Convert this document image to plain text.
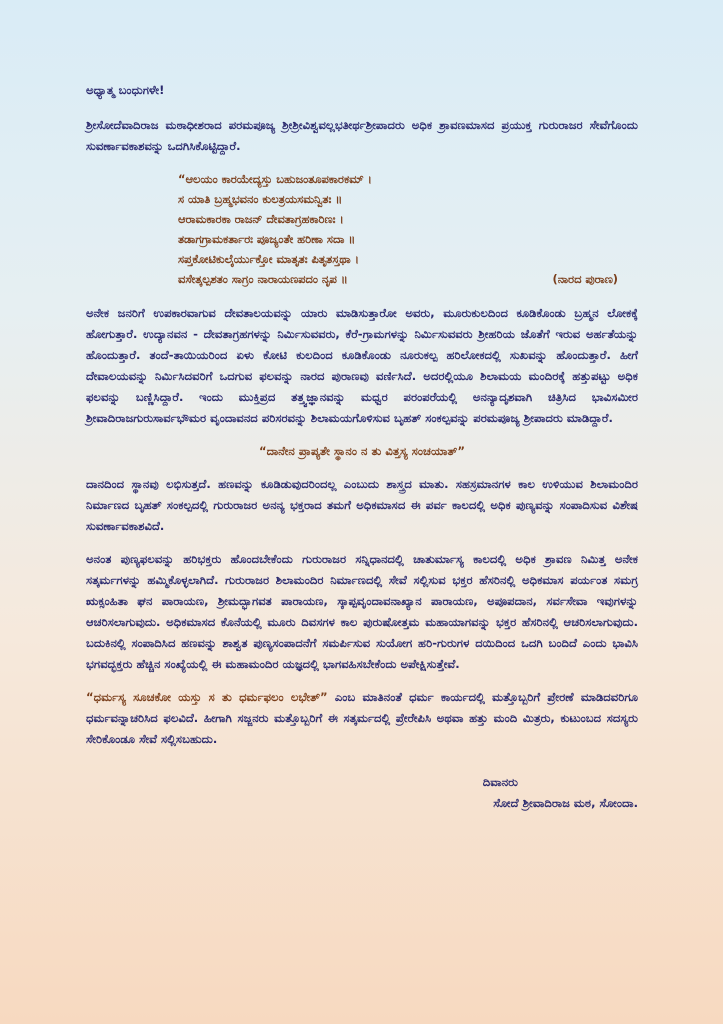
ಅಧ್ಯಾತ್ಮ ಬಂಧುಗಳೇ!

ಶ್ರೀಸೋದೆವಾದಿರಾಜ ಮಠಾಧೀಶರಾದ ಪರಮಪೂಜ್ಯ ಶ್ರೀಶ್ರೀವಿಶ್ವವಲ್ಲಭತೀರ್ಥಶ್ರೀಪಾದರು ಅಧಿಕ ಶ್ರಾವಣಮಾಸದ ಪ್ರಯುಕ್ತ ಗುರುರಾಜರ ಸೇವೆಗೊಂದು ಸುವರ್ಣಾವಕಾಶವನ್ನು ಒದಗಿಸಿಕೊಟ್ಟಿದ್ದಾರೆ.

“ಆಲಯಂ ಕಾರಯೇದ್ಯಸ್ತು ಬಹುಜಂತೂಪಕಾರಕಮ್ ।
ಸ ಯಾತಿ ಬ್ರಹ್ಮಭವನಂ ಕುಲತ್ರಯಸಮನ್ವಿತಃ ॥
ಆರಾಮಕಾರಕಾ ರಾಜನ್ ದೇವತಾಗ್ರಹಕಾರಿಣಃ ।
ತಡಾಗಗ್ರಾಮಕರ್ತಾರಃ ಪೂಜ್ಯಂತೇ ಹರಿಣಾ ಸದಾ ॥
ಸಪ್ತಕೋಟಿಕುಲೈರ್ಯುಕ್ತೋ ಮಾತೃತಃ ಪಿತೃತಸ್ತಥಾ ।
ವಸೇತ್ಕಲ್ಪಶತಂ ಸಾಗ್ರಂ ನಾರಾಯಣಪದಂ ನೃಪ ॥	(ನಾರದ ಪುರಾಣ)

ಅನೇಕ ಜನರಿಗೆ ಉಪಕಾರವಾಗುವ ದೇವತಾಲಯವನ್ನು ಯಾರು ಮಾಡಿಸುತ್ತಾರೋ ಅವರು, ಮೂರುಕುಲದಿಂದ ಕೂಡಿಕೊಂಡು ಬ್ರಹ್ಮನ ಲೋಕಕ್ಕೆ ಹೋಗುತ್ತಾರೆ. ಉದ್ಯಾನವನ - ದೇವತಾಗ್ರಹಗಳನ್ನು ನಿರ್ಮಿಸುವವರು, ಕೆರೆ-ಗ್ರಾಮಗಳನ್ನು ನಿರ್ಮಿಸುವವರು ಶ್ರೀಹರಿಯ ಜೊತೆಗೆ ಇರುವ ಅರ್ಹತೆಯನ್ನು ಹೊಂದುತ್ತಾರೆ. ತಂದೆ-ತಾಯಿಯರಿಂದ ಏಳು ಕೋಟಿ ಕುಲದಿಂದ ಕೂಡಿಕೊಂಡು ನೂರುಕಲ್ಪ ಹರಿಲೋಕದಲ್ಲಿ ಸುಖವನ್ನು ಹೊಂದುತ್ತಾರೆ. ಹೀಗೆ ದೇವಾಲಯವನ್ನು ನಿರ್ಮಿಸಿದವರಿಗೆ ಒದಗುವ ಫಲವನ್ನು ನಾರದ ಪುರಾಣವು ವರ್ಣಿಸಿದೆ. ಅದರಲ್ಲಿಯೂ ಶಿಲಾಮಯ ಮಂದಿರಕ್ಕೆ ಹತ್ತುಪಟ್ಟು ಅಧಿಕ ಫಲವನ್ನು ಬಣ್ಣಿಸಿದ್ದಾರೆ. ಇಂದು ಮುಕ್ತಿಪ್ರದ ತತ್ತ್ವಜ್ಞಾನವನ್ನು ಮಧ್ವರ ಪರಂಪರೆಯಲ್ಲಿ ಅನನ್ಯಾದೃಶವಾಗಿ ಚಿತ್ರಿಸಿದ ಭಾವಿಸಮೀರ ಶ್ರೀವಾದಿರಾಜಗುರುಸಾರ್ವಭೌಮರ ವೃಂದಾವನದ ಪರಿಸರವನ್ನು ಶಿಲಾಮಯಗೊಳಿಸುವ ಬೃಹತ್ ಸಂಕಲ್ಪವನ್ನು ಪರಮಪೂಜ್ಯ ಶ್ರೀಪಾದರು ಮಾಡಿದ್ದಾರೆ.

“ದಾನೇನ ಪ್ರಾಪ್ಯತೇ ಸ್ಥಾನಂ ನ ತು ವಿತ್ತಸ್ಯ ಸಂಚಯಾತ್”

ದಾನದಿಂದ ಸ್ಥಾನವು ಲಭಿಸುತ್ತದೆ. ಹಣವನ್ನು ಕೂಡಿಡುವುದರಿಂದಲ್ಲ ಎಂಬುದು ಶಾಸ್ತ್ರದ ಮಾತು. ಸಹಸ್ರಮಾನಗಳ ಕಾಲ ಉಳಿಯುವ ಶಿಲಾಮಂದಿರ ನಿರ್ಮಾಣದ ಬೃಹತ್ ಸಂಕಲ್ಪದಲ್ಲಿ ಗುರುರಾಜರ ಅನನ್ಯ ಭಕ್ತರಾದ ತಮಗೆ ಅಧಿಕಮಾಸದ ಈ ಪರ್ವ ಕಾಲದಲ್ಲಿ ಅಧಿಕ ಪುಣ್ಯವನ್ನು ಸಂಪಾದಿಸುವ ವಿಶೇಷ ಸುವರ್ಣಾವಕಾಶವಿದೆ.

ಅನಂತ ಪುಣ್ಯಫಲವನ್ನು ಹರಿಭಕ್ತರು ಹೊಂದಬೇಕೆಂದು ಗುರುರಾಜರ ಸನ್ನಿಧಾನದಲ್ಲಿ ಚಾತುರ್ಮಾಸ್ಯ ಕಾಲದಲ್ಲಿ ಅಧಿಕ ಶ್ರಾವಣ ನಿಮಿತ್ತ ಅನೇಕ ಸತ್ಕರ್ಮಗಳನ್ನು ಹಮ್ಮಿಕೊಳ್ಳಲಾಗಿದೆ. ಗುರುರಾಜರ ಶಿಲಾಮಂದಿರ ನಿರ್ಮಾಣದಲ್ಲಿ ಸೇವೆ ಸಲ್ಲಿಸುವ ಭಕ್ತರ ಹೆಸರಿನಲ್ಲಿ ಅಧಿಕಮಾಸ ಪರ್ಯಂತ ಸಮಗ್ರ ಋಕ್ಸಂಹಿತಾ ಘನ ಪಾರಾಯಣ, ಶ್ರೀಮದ್ಭಾಗವತ ಪಾರಾಯಣ, ಸ್ಕಾಪ್ಪವೃಂದಾವನಾಖ್ಯಾನ ಪಾರಾಯಣ, ಅಪೂಪದಾನ, ಸರ್ವಸೇವಾ ಇವುಗಳನ್ನು ಆಚರಿಸಲಾಗುವುದು. ಅಧಿಕಮಾಸದ ಕೊನೆಯಲ್ಲಿ ಮೂರು ದಿವಸಗಳ ಕಾಲ ಪುರುಷೋತ್ತಮ ಮಹಾಯಾಗವನ್ನು ಭಕ್ತರ ಹೆಸರಿನಲ್ಲಿ ಆಚರಿಸಲಾಗುವುದು. ಬದುಕಿನಲ್ಲಿ ಸಂಪಾದಿಸಿದ ಹಣವನ್ನು ಶಾಶ್ವತ ಪುಣ್ಯಸಂಪಾದನೆಗೆ ಸಮರ್ಪಿಸುವ ಸುಯೋಗ ಹರಿ-ಗುರುಗಳ ದಯಿದಿಂದ ಒದಗಿ ಬಂದಿದೆ ಎಂದು ಭಾವಿಸಿ ಭಗವದ್ಭಕ್ತರು ಹೆಚ್ಚಿನ ಸಂಖ್ಯೆಯಲ್ಲಿ ಈ ಮಹಾಮಂದಿರ ಯಜ್ಞದಲ್ಲಿ ಭಾಗವಹಿಸಬೇಕೆಂದು ಅಪೇಕ್ಷಿಸುತ್ತೇವೆ.

“ಧರ್ಮಸ್ಯ ಸೂಚಕೋ ಯಸ್ತು ಸ ತು ಧರ್ಮಫಲಂ ಲಭೇತ್” ಎಂಬ ಮಾತಿನಂತೆ ಧರ್ಮ ಕಾರ್ಯದಲ್ಲಿ ಮತ್ತೊಬ್ಬರಿಗೆ ಪ್ರೇರಣೆ ಮಾಡಿದವರಿಗೂ ಧರ್ಮವನ್ನಾಚರಿಸಿದ ಫಲವಿದೆ. ಹೀಗಾಗಿ ಸಜ್ಜನರು ಮತ್ತೊಬ್ಬರಿಗೆ ಈ ಸತ್ಕರ್ಮದಲ್ಲಿ ಪ್ರೇರೇಪಿಸಿ ಅಥವಾ ಹತ್ತು ಮಂದಿ ಮಿತ್ರರು, ಕುಟುಂಬದ ಸದಸ್ಯರು ಸೇರಿಕೊಂಡೂ ಸೇವೆ ಸಲ್ಲಿಸಬಹುದು.

ದಿವಾನರು
ಸೋದೆ ಶ್ರೀವಾದಿರಾಜ ಮಠ, ಸೋಂದಾ.
